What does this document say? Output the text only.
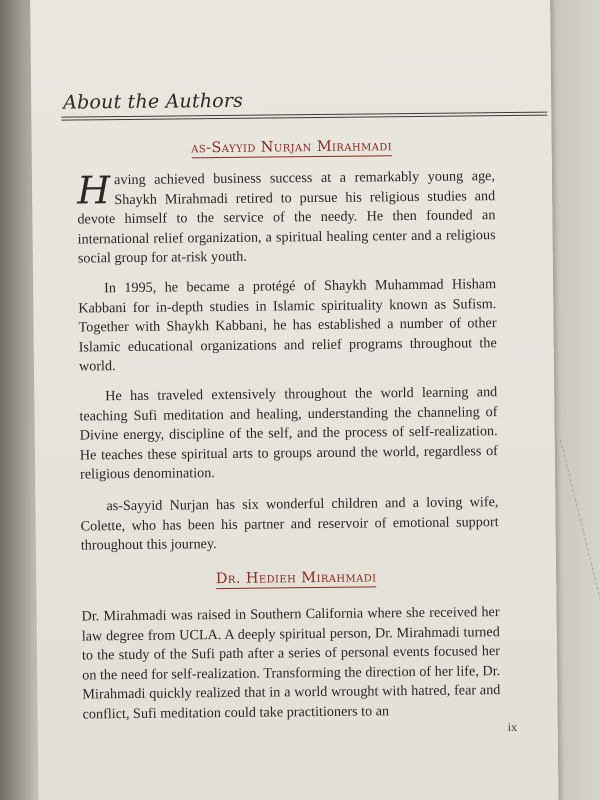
About the Authors
as-Sayyid Nurjan Mirahmadi
Having achieved business success at a remarkably young age, Shaykh Mirahmadi retired to pursue his religious studies and devote himself to the service of the needy. He then founded an international relief organization, a spiritual healing center and a religious social group for at-risk youth.
In 1995, he became a protégé of Shaykh Muhammad Hisham Kabbani for in-depth studies in Islamic spirituality known as Sufism. Together with Shaykh Kabbani, he has established a number of other Islamic educational organizations and relief programs throughout the world.
He has traveled extensively throughout the world learning and teaching Sufi meditation and healing, understanding the channeling of Divine energy, discipline of the self, and the process of self-realization. He teaches these spiritual arts to groups around the world, regardless of religious denomination.
as-Sayyid Nurjan has six wonderful children and a loving wife, Colette, who has been his partner and reservoir of emotional support throughout this journey.
Dr. Hedieh Mirahmadi
Dr. Mirahmadi was raised in Southern California where she received her law degree from UCLA. A deeply spiritual person, Dr. Mirahmadi turned to the study of the Sufi path after a series of personal events focused her on the need for self-realization. Transforming the direction of her life, Dr. Mirahmadi quickly realized that in a world wrought with hatred, fear and conflict, Sufi meditation could take practitioners to an
ix
